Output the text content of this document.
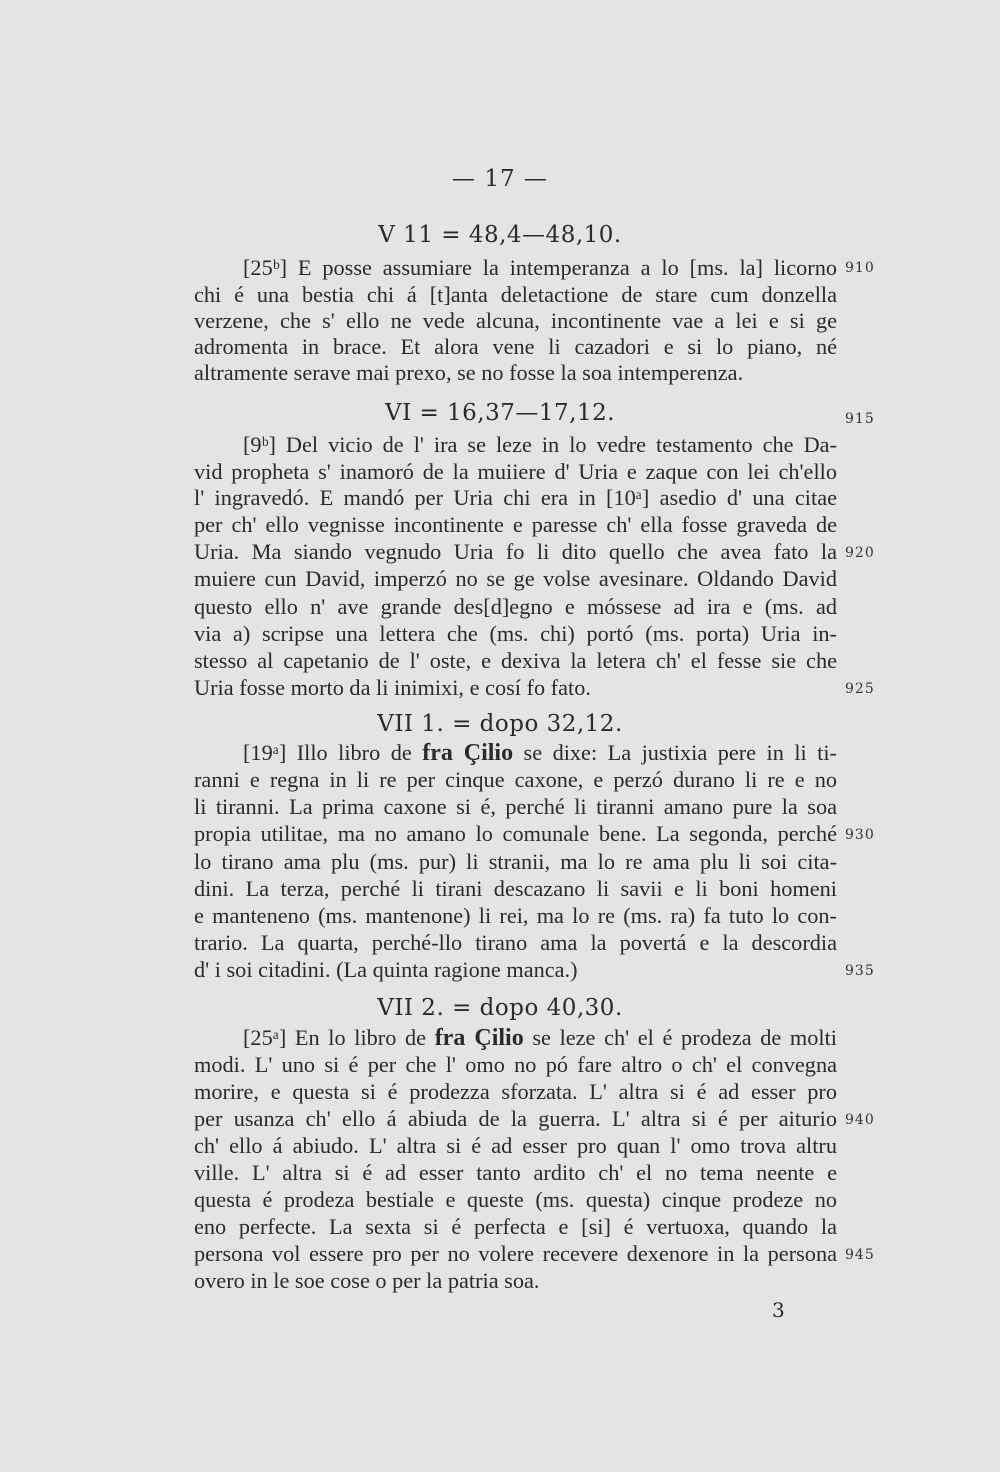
— 17 —
V 11 = 48,4—48,10.
[25ᵇ] E posse assumiare la intemperanza a lo [ms. la] licorno
chi é una bestia chi á [t]anta deletactione de stare cum donzella
verzene, che s' ello ne vede alcuna, incontinente vae a lei e si ge
adromenta in brace. Et alora vene li cazadori e si lo piano, né
altramente serave mai prexo, se no fosse la soa intemperenza.
VI = 16,37—17,12.
[9ᵇ] Del vicio de l' ira se leze in lo vedre testamento che Da-
vid propheta s' inamoró de la muiiere d' Uria e zaque con lei ch'ello
l' ingravedó. E mandó per Uria chi era in [10ᵃ] asedio d' una citae
per ch' ello vegnisse incontinente e paresse ch' ella fosse graveda de
Uria. Ma siando vegnudo Uria fo li dito quello che avea fato la
muiere cun David, imperzó no se ge volse avesinare. Oldando David
questo ello n' ave grande des[d]egno e móssese ad ira e (ms. ad
via a) scripse una lettera che (ms. chi) portó (ms. porta) Uria in-
stesso al capetanio de l' oste, e dexiva la letera ch' el fesse sie che
Uria fosse morto da li inimixi, e cosí fo fato.
VII 1. = dopo 32,12.
[19ᵃ] Illo libro de fra Çilio se dixe: La justixia pere in li ti-
ranni e regna in li re per cinque caxone, e perzó durano li re e no
li tiranni. La prima caxone si é, perché li tiranni amano pure la soa
propia utilitae, ma no amano lo comunale bene. La segonda, perché
lo tirano ama plu (ms. pur) li stranii, ma lo re ama plu li soi cita-
dini. La terza, perché li tirani descazano li savii e li boni homeni
e manteneno (ms. mantenone) li rei, ma lo re (ms. ra) fa tuto lo con-
trario. La quarta, perché-llo tirano ama la povertá e la descordia
d' i soi citadini. (La quinta ragione manca.)
VII 2. = dopo 40,30.
[25ᵃ] En lo libro de fra Çilio se leze ch' el é prodeza de molti
modi. L' uno si é per che l' omo no pó fare altro o ch' el convegna
morire, e questa si é prodezza sforzata. L' altra si é ad esser pro
per usanza ch' ello á abiuda de la guerra. L' altra si é per aiturio
ch' ello á abiudo. L' altra si é ad esser pro quan l' omo trova altru
ville. L' altra si é ad esser tanto ardito ch' el no tema neente e
questa é prodeza bestiale e queste (ms. questa) cinque prodeze no
eno perfecte. La sexta si é perfecta e [si] é vertuoxa, quando la
persona vol essere pro per no volere recevere dexenore in la persona
overo in le soe cose o per la patria soa.
910
915
920
925
930
935
940
945
3
